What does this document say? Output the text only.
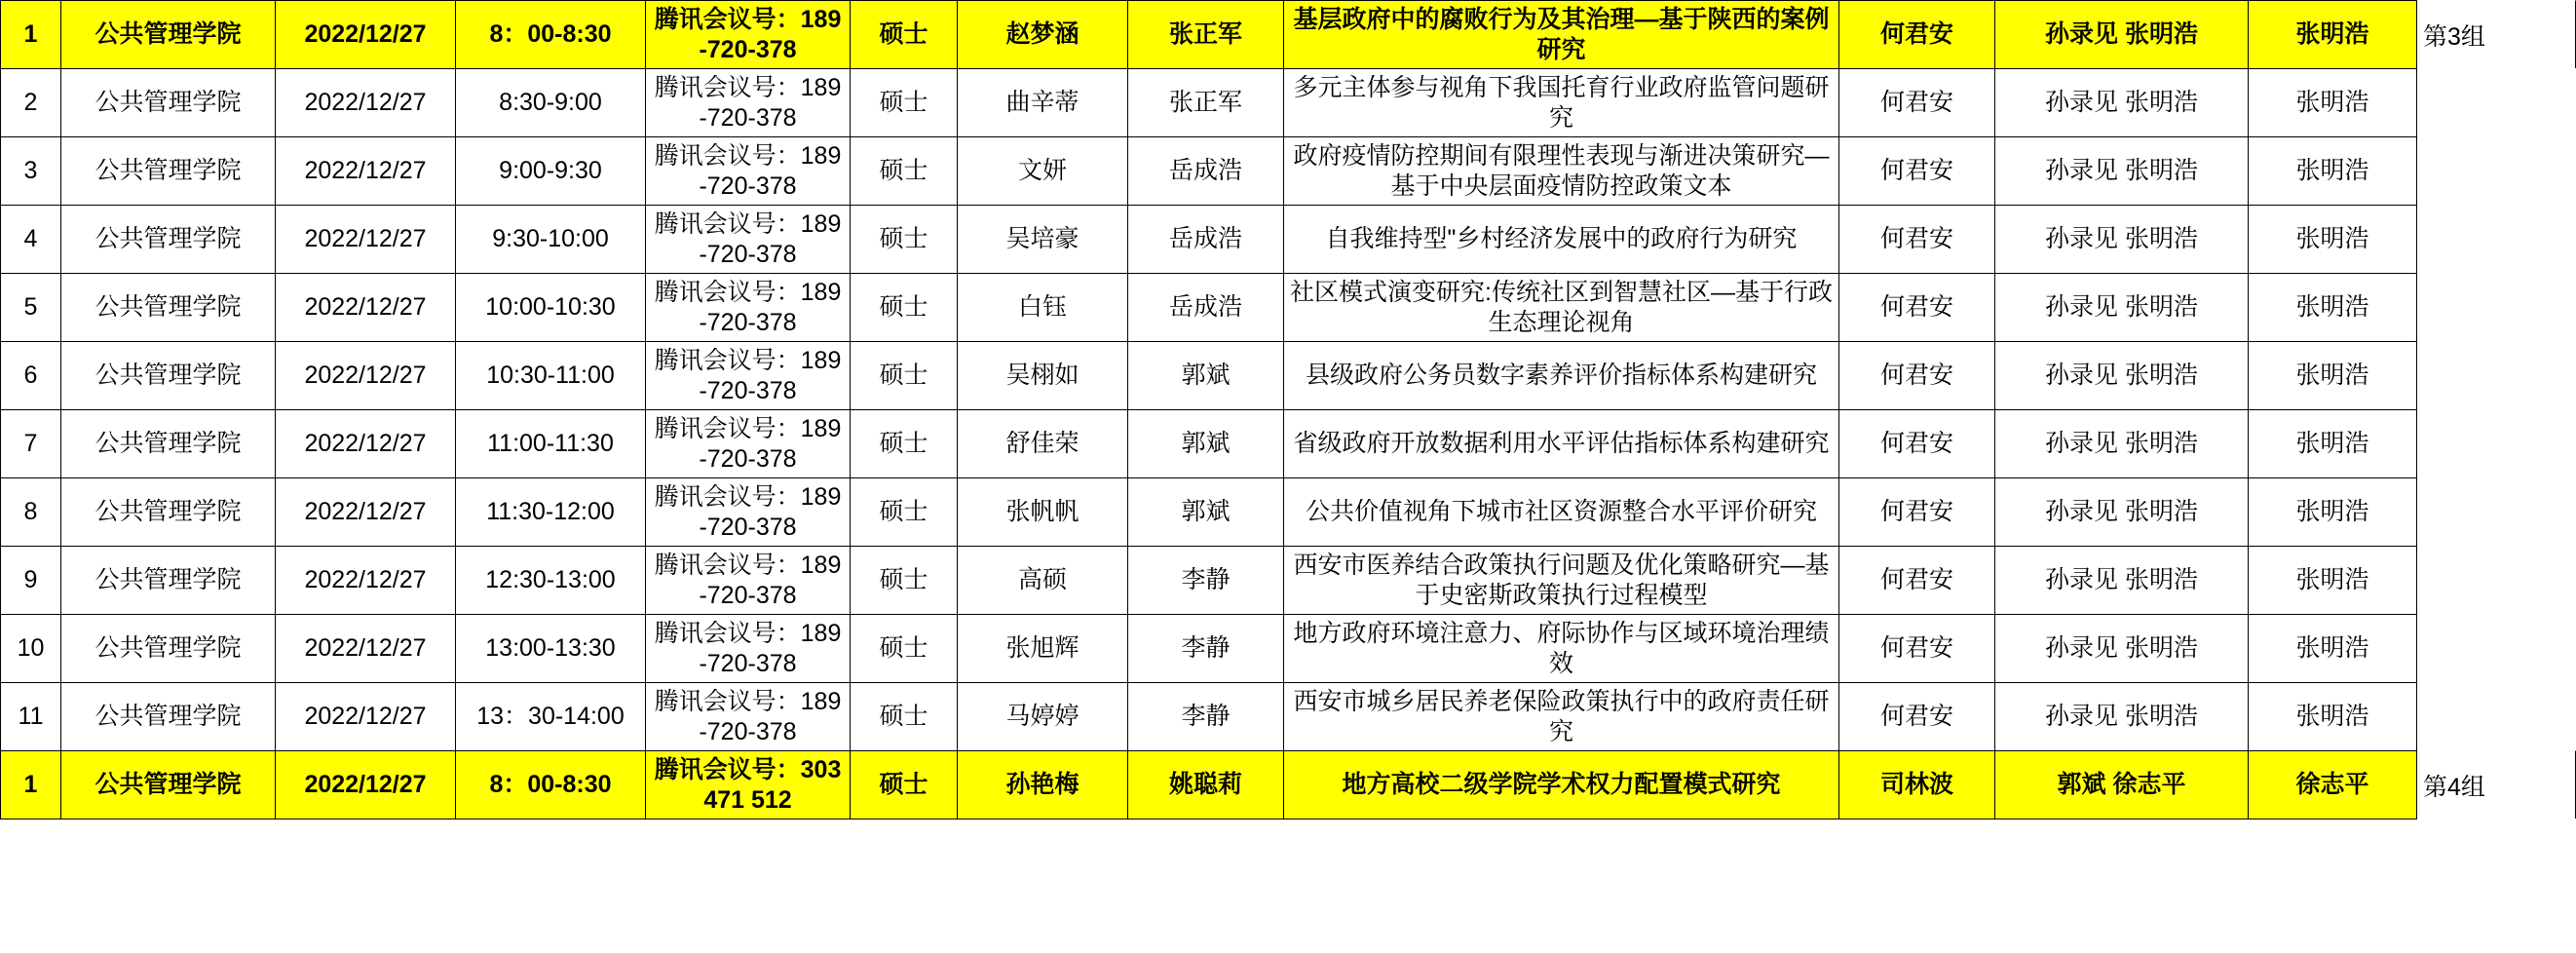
1	公共管理学院	2022/12/27	8：00-8:30	腾讯会议号：189-720-378	硕士	赵梦涵	张正军	基层政府中的腐败行为及其治理—基于陕西的案例研究	何君安	孙录见 张明浩	张明浩
2	公共管理学院	2022/12/27	8:30-9:00	腾讯会议号：189-720-378	硕士	曲辛蒂	张正军	多元主体参与视角下我国托育行业政府监管问题研究	何君安	孙录见 张明浩	张明浩
3	公共管理学院	2022/12/27	9:00-9:30	腾讯会议号：189-720-378	硕士	文妍	岳成浩	政府疫情防控期间有限理性表现与渐进决策研究—基于中央层面疫情防控政策文本	何君安	孙录见 张明浩	张明浩
4	公共管理学院	2022/12/27	9:30-10:00	腾讯会议号：189-720-378	硕士	吴培豪	岳成浩	自我维持型"乡村经济发展中的政府行为研究	何君安	孙录见 张明浩	张明浩
5	公共管理学院	2022/12/27	10:00-10:30	腾讯会议号：189-720-378	硕士	白钰	岳成浩	社区模式演变研究:传统社区到智慧社区—基于行政生态理论视角	何君安	孙录见 张明浩	张明浩
6	公共管理学院	2022/12/27	10:30-11:00	腾讯会议号：189-720-378	硕士	吴栩如	郭斌	县级政府公务员数字素养评价指标体系构建研究	何君安	孙录见 张明浩	张明浩
7	公共管理学院	2022/12/27	11:00-11:30	腾讯会议号：189-720-378	硕士	舒佳荣	郭斌	省级政府开放数据利用水平评估指标体系构建研究	何君安	孙录见 张明浩	张明浩
8	公共管理学院	2022/12/27	11:30-12:00	腾讯会议号：189-720-378	硕士	张帆帆	郭斌	公共价值视角下城市社区资源整合水平评价研究	何君安	孙录见 张明浩	张明浩
9	公共管理学院	2022/12/27	12:30-13:00	腾讯会议号：189-720-378	硕士	高硕	李静	西安市医养结合政策执行问题及优化策略研究—基于史密斯政策执行过程模型	何君安	孙录见 张明浩	张明浩
10	公共管理学院	2022/12/27	13:00-13:30	腾讯会议号：189-720-378	硕士	张旭辉	李静	地方政府环境注意力、府际协作与区域环境治理绩效	何君安	孙录见 张明浩	张明浩
11	公共管理学院	2022/12/27	13：30-14:00	腾讯会议号：189-720-378	硕士	马婷婷	李静	西安市城乡居民养老保险政策执行中的政府责任研究	何君安	孙录见 张明浩	张明浩
1	公共管理学院	2022/12/27	8：00-8:30	腾讯会议号：303 471 512	硕士	孙艳梅	姚聪莉	地方高校二级学院学术权力配置模式研究	司林波	郭斌 徐志平	徐志平
第3组
第4组
